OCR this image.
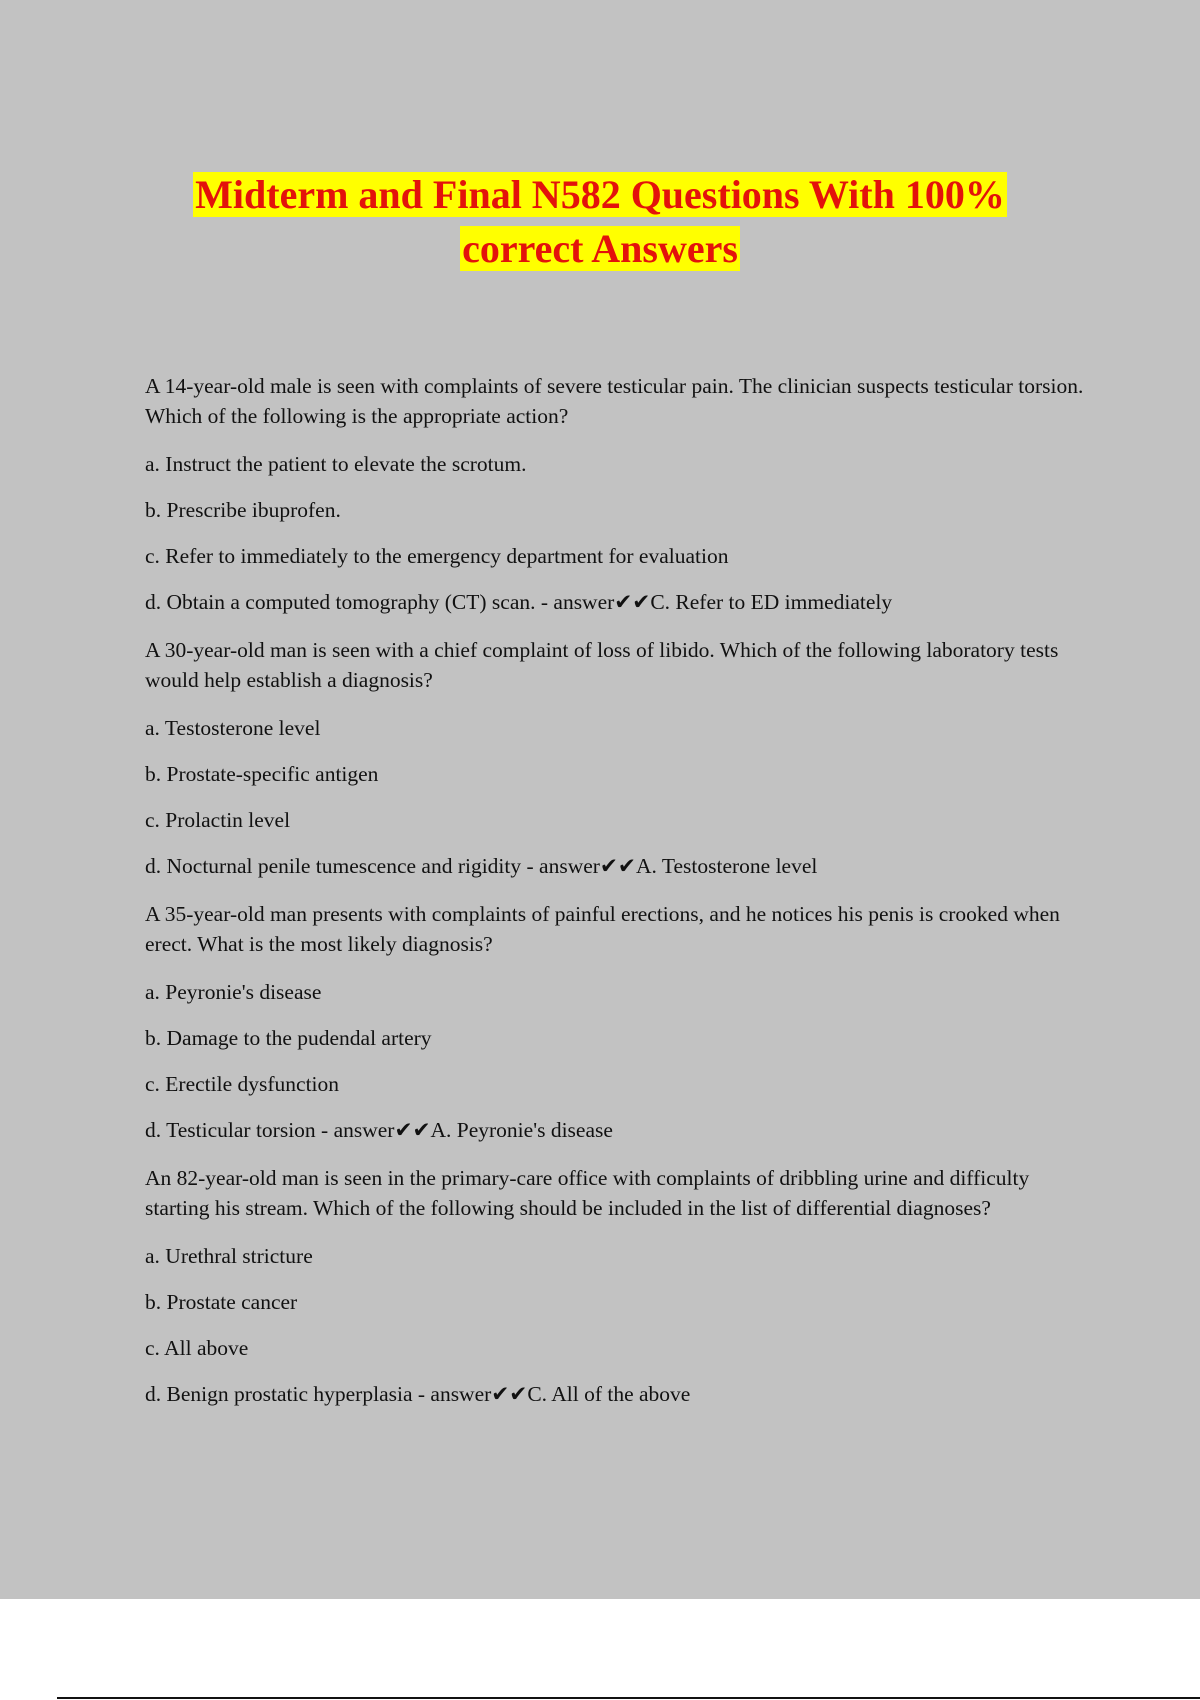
Midterm and Final N582 Questions With 100%
correct Answers

A 14-year-old male is seen with complaints of severe testicular pain. The clinician suspects testicular torsion. Which of the following is the appropriate action?

a. Instruct the patient to elevate the scrotum.

b. Prescribe ibuprofen.

c. Refer to immediately to the emergency department for evaluation

d. Obtain a computed tomography (CT) scan. - answer✔✔C. Refer to ED immediately

A 30-year-old man is seen with a chief complaint of loss of libido. Which of the following laboratory tests would help establish a diagnosis?

a. Testosterone level

b. Prostate-specific antigen

c. Prolactin level

d. Nocturnal penile tumescence and rigidity - answer✔✔A. Testosterone level

A 35-year-old man presents with complaints of painful erections, and he notices his penis is crooked when erect. What is the most likely diagnosis?

a. Peyronie's disease

b. Damage to the pudendal artery

c. Erectile dysfunction

d. Testicular torsion - answer✔✔A. Peyronie's disease

An 82-year-old man is seen in the primary-care office with complaints of dribbling urine and difficulty starting his stream. Which of the following should be included in the list of differential diagnoses?

a. Urethral stricture

b. Prostate cancer

c. All above

d. Benign prostatic hyperplasia - answer✔✔C. All of the above
